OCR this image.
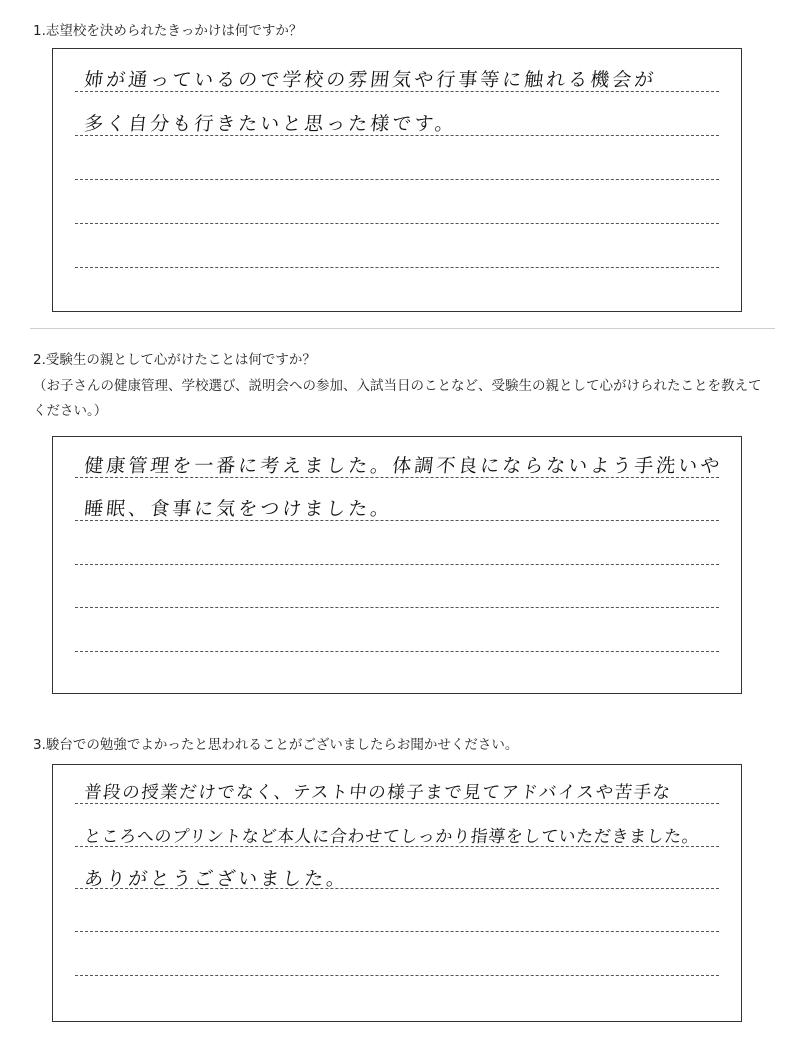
1.志望校を決められたきっかけは何ですか？
姉が通っているので学校の雰囲気や行事等に触れる機会が
多く自分も行きたいと思った様です。
2.受験生の親として心がけたことは何ですか？
（お子さんの健康管理、学校選び、説明会への参加、入試当日のことなど、受験生の親として心がけられたことを教えてください。）
健康管理を一番に考えました。体調不良にならないよう手洗いや
睡眠、食事に気をつけました。
3.駿台での勉強でよかったと思われることがございましたらお聞かせください。
普段の授業だけでなく、テスト中の様子まで見てアドバイスや苦手な
ところへのプリントなど本人に合わせてしっかり指導をしていただきました。
ありがとうございました。
